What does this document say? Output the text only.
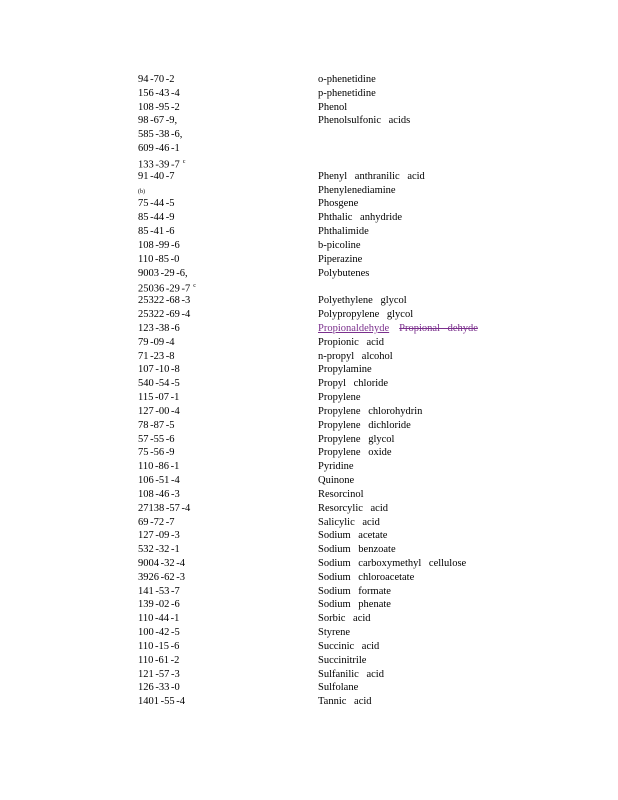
94 -70 -2	o-phenetidine
156 -43 -4	p-phenetidine
108 -95 -2	Phenol
98 -67 -9,	Phenolsulfonic acids
585 -38 -6,
609 -46 -1
133 -39 -7 $^c$
91 -40 -7	Phenyl anthranilic acid
(b)	Phenylenediamine
75 -44 -5	Phosgene
85 -44 -9	Phthalic anhydride
85 -41 -6	Phthalimide
108 -99 -6	b-picoline
110 -85 -0	Piperazine
9003 -29 -6,	Polybutenes
25036 -29 -7 $^c$
25322 -68 -3	Polyethylene glycol
25322 -69 -4	Polypropylene glycol
123 -38 -6	Propionaldehyde Propional dehyde
79 -09 -4	Propionic acid
71 -23 -8	n-propyl alcohol
107 -10 -8	Propylamine
540 -54 -5	Propyl chloride
115 -07 -1	Propylene
127 -00 -4	Propylene chlorohydrin
78 -87 -5	Propylene dichloride
57 -55 -6	Propylene glycol
75 -56 -9	Propylene oxide
110 -86 -1	Pyridine
106 -51 -4	Quinone
108 -46 -3	Resorcinol
27138 -57 -4	Resorcylic acid
69 -72 -7	Salicylic acid
127 -09 -3	Sodium acetate
532 -32 -1	Sodium benzoate
9004 -32 -4	Sodium carboxymethyl cellulose
3926 -62 -3	Sodium chloroacetate
141 -53 -7	Sodium formate
139 -02 -6	Sodium phenate
110 -44 -1	Sorbic acid
100 -42 -5	Styrene
110 -15 -6	Succinic acid
110 -61 -2	Succinitrile
121 -57 -3	Sulfanilic acid
126 -33 -0	Sulfolane
1401 -55 -4	Tannic acid
